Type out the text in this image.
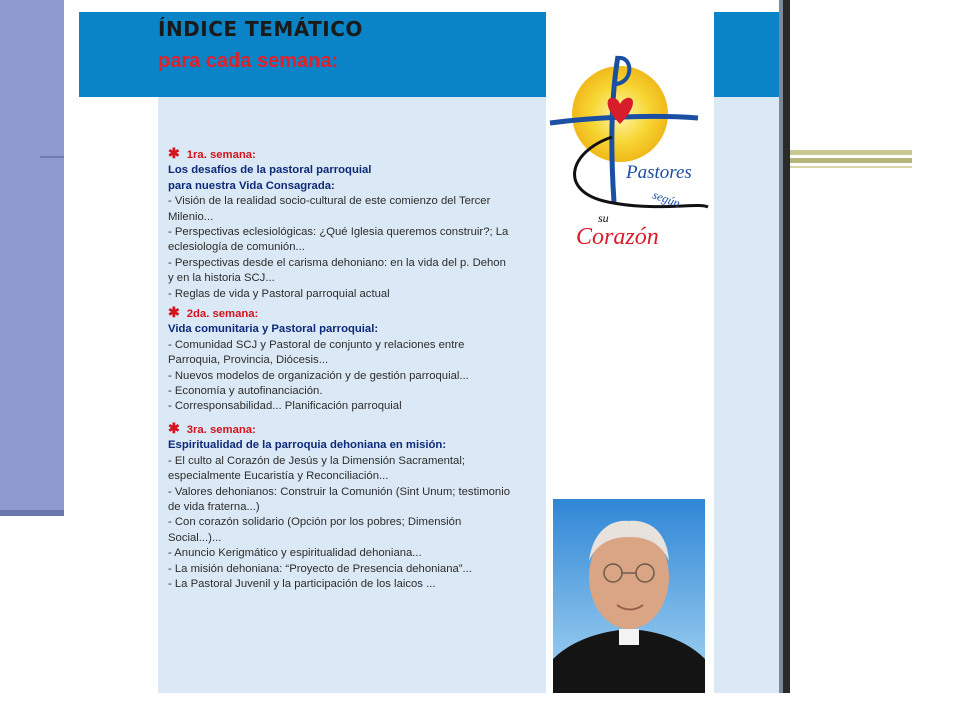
ÍNDICE TEMÁTICO
para cada semana:
✱ 1ra. semana:
Los desafíos de la pastoral parroquial
para nuestra Vida Consagrada:
- Visión de la realidad socio-cultural de este comienzo del Tercer
Milenio...
- Perspectivas eclesiológicas: ¿Qué Iglesia queremos construir?; La
eclesiología de comunión...
- Perspectivas desde el carisma dehoniano: en la vida del p. Dehon
y en la historia SCJ...
- Reglas de vida y Pastoral parroquial actual
✱ 2da. semana:
Vida comunitaria y Pastoral parroquial:
- Comunidad SCJ y Pastoral de conjunto y relaciones entre
Parroquia, Provincia, Diócesis...
- Nuevos modelos de organización y de gestión parroquial...
- Economía y autofinanciación.
- Corresponsabilidad... Planificación parroquial
✱ 3ra. semana:
Espiritualidad de la parroquia dehoniana en misión:
- El culto al Corazón de Jesús y la Dimensión Sacramental;
especialmente Eucaristía y Reconciliación...
- Valores dehonianos: Construir la Comunión (Sint Unum; testimonio
de vida fraterna...)
- Con corazón solidario (Opción por los pobres; Dimensión
Social...)...
- Anuncio Kerigmático y espiritualidad dehoniana...
- La misión dehoniana: “Proyecto de Presencia dehoniana”...
- La Pastoral Juvenil y la participación de los laicos ...
Pastores
según
su
Corazón
